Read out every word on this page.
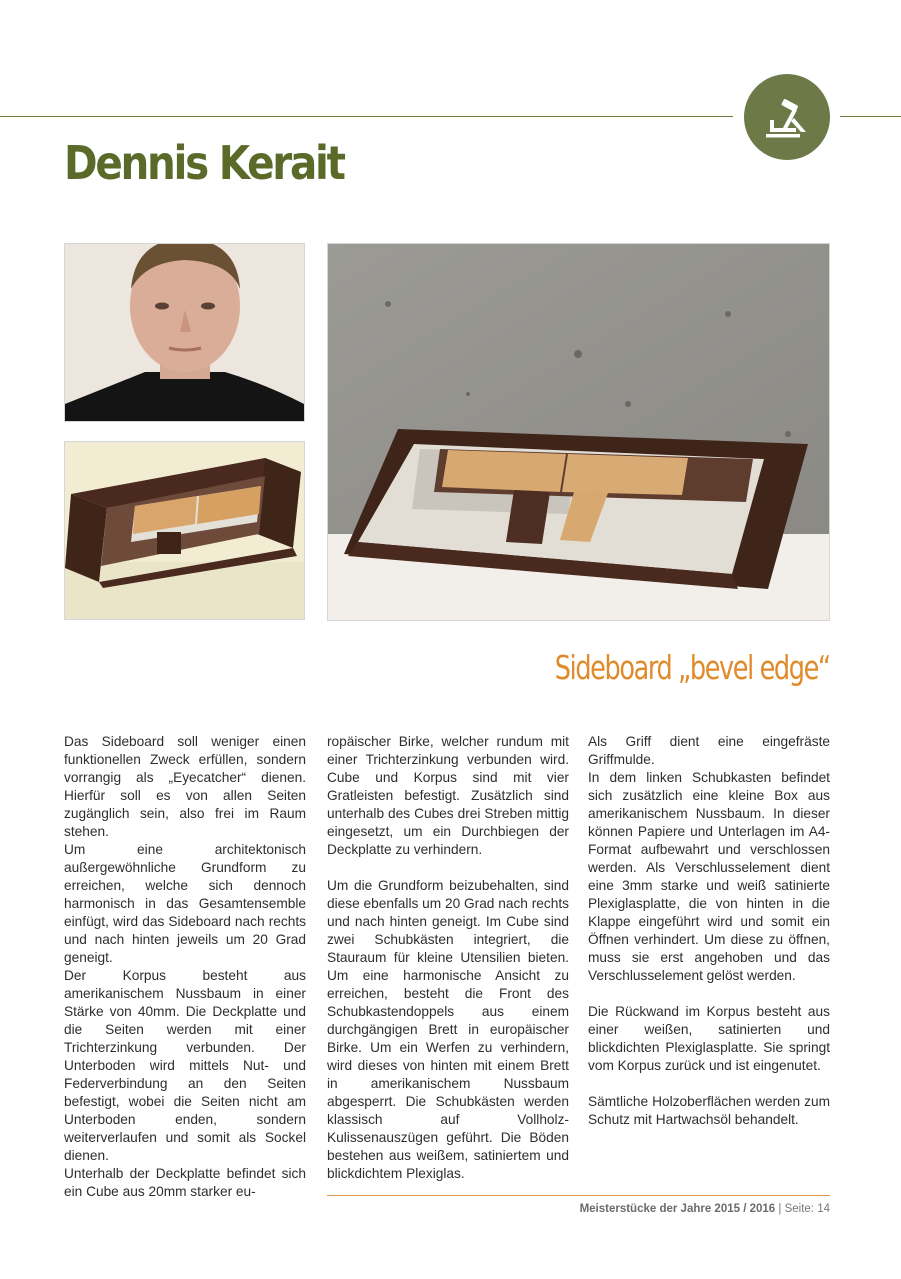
Dennis Kerait
Sideboard „bevel edge“

Das Sideboard soll weniger einen funktionellen Zweck erfüllen, sondern vorrangig als „Eyecatcher“ dienen. Hierfür soll es von allen Seiten zugänglich sein, also frei im Raum stehen.

Um eine architektonisch außergewöhnliche Grundform zu erreichen, welche sich dennoch harmonisch in das Gesamtensemble einfügt, wird das Sideboard nach rechts und nach hinten jeweils um 20 Grad geneigt.

Der Korpus besteht aus amerikanischem Nussbaum in einer Stärke von 40mm. Die Deckplatte und die Seiten werden mit einer Trichterzinkung verbunden. Der Unterboden wird mittels Nut- und Federverbindung an den Seiten befestigt, wobei die Seiten nicht am Unterboden enden, sondern weiterverlaufen und somit als Sockel dienen.

Unterhalb der Deckplatte befindet sich ein Cube aus 20mm starker eu-

ropäischer Birke, welcher rundum mit einer Trichterzinkung verbunden wird. Cube und Korpus sind mit vier Gratleisten befestigt. Zusätzlich sind unterhalb des Cubes drei Streben mittig eingesetzt, um ein Durchbiegen der Deckplatte zu verhindern.

Um die Grundform beizubehalten, sind diese ebenfalls um 20 Grad nach rechts und nach hinten geneigt. Im Cube sind zwei Schubkästen integriert, die Stauraum für kleine Utensilien bieten. Um eine harmonische Ansicht zu erreichen, besteht die Front des Schubkastendoppels aus einem durchgängigen Brett in europäischer Birke. Um ein Werfen zu verhindern, wird dieses von hinten mit einem Brett in amerikanischem Nussbaum abgesperrt. Die Schubkästen werden klassisch auf Vollholz-Kulissenauszügen geführt. Die Böden bestehen aus weißem, satiniertem und blickdichtem Plexiglas.

Als Griff dient eine eingefräste Griffmulde.

In dem linken Schubkasten befindet sich zusätzlich eine kleine Box aus amerikanischem Nussbaum. In dieser können Papiere und Unterlagen im A4-Format aufbewahrt und verschlossen werden. Als Verschlusselement dient eine 3mm starke und weiß satinierte Plexiglasplatte, die von hinten in die Klappe eingeführt wird und somit ein Öffnen verhindert. Um diese zu öffnen, muss sie erst angehoben und das Verschlusselement gelöst werden.

Die Rückwand im Korpus besteht aus einer weißen, satinierten und blickdichten Plexiglasplatte. Sie springt vom Korpus zurück und ist eingenutet.

Sämtliche Holzoberflächen werden zum Schutz mit Hartwachsöl behandelt.

Meisterstücke der Jahre 2015 / 2016 | Seite: 14
